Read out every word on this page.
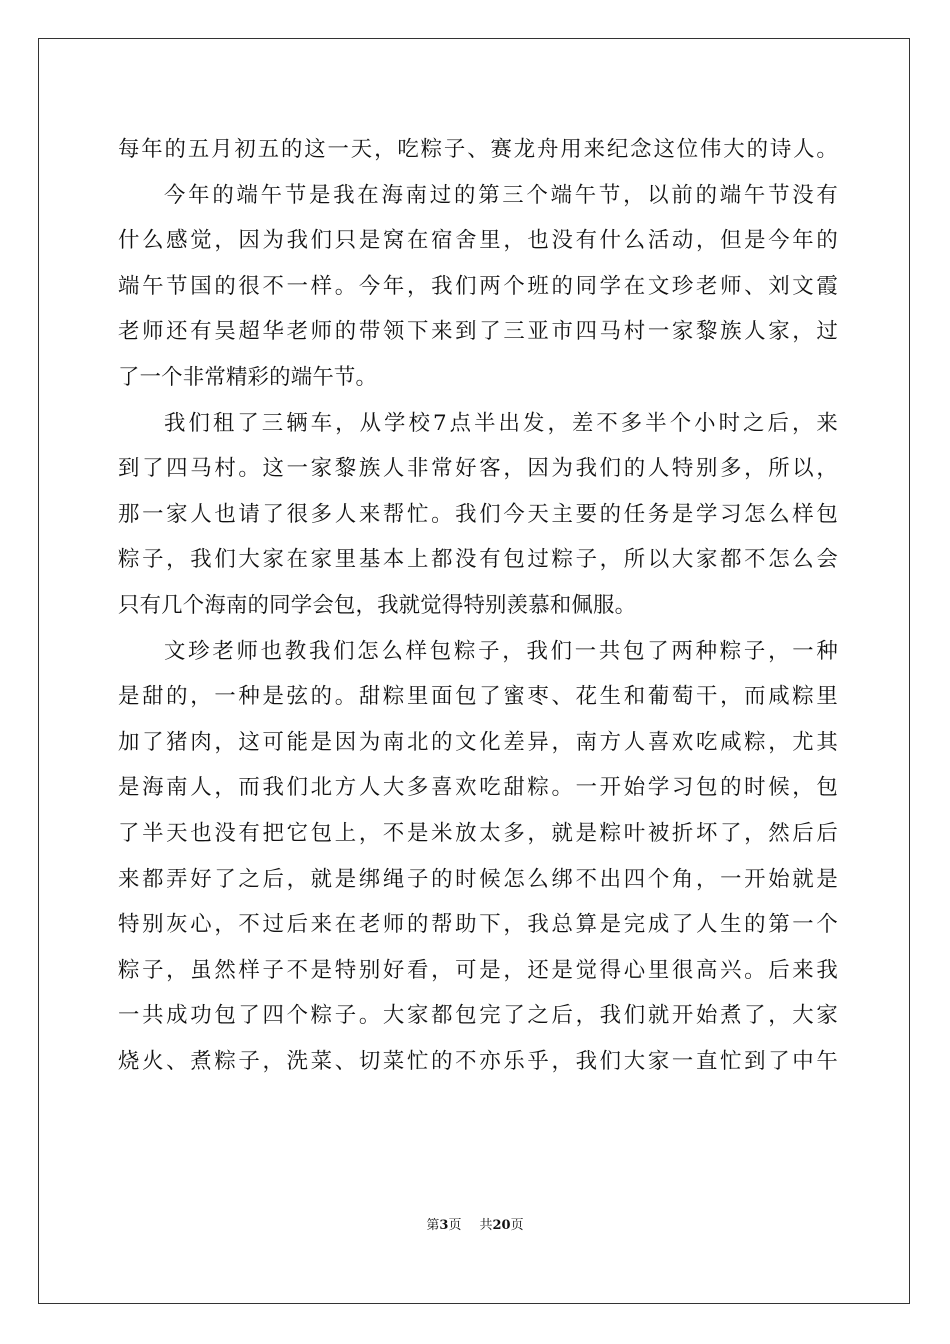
每年的五月初五的这一天，吃粽子、赛龙舟用来纪念这位伟大的诗人。
今年的端午节是我在海南过的第三个端午节，以前的端午节没有
什么感觉，因为我们只是窝在宿舍里，也没有什么活动，但是今年的
端午节国的很不一样。今年，我们两个班的同学在文珍老师、刘文霞
老师还有吴超华老师的带领下来到了三亚市四马村一家黎族人家，过
了一个非常精彩的端午节。
我们租了三辆车，从学校7点半出发，差不多半个小时之后，来
到了四马村。这一家黎族人非常好客，因为我们的人特别多，所以，
那一家人也请了很多人来帮忙。我们今天主要的任务是学习怎么样包
粽子，我们大家在家里基本上都没有包过粽子，所以大家都不怎么会
只有几个海南的同学会包，我就觉得特别羡慕和佩服。
文珍老师也教我们怎么样包粽子，我们一共包了两种粽子，一种
是甜的，一种是弦的。甜粽里面包了蜜枣、花生和葡萄干，而咸粽里
加了猪肉，这可能是因为南北的文化差异，南方人喜欢吃咸粽，尤其
是海南人，而我们北方人大多喜欢吃甜粽。一开始学习包的时候，包
了半天也没有把它包上，不是米放太多，就是粽叶被折坏了，然后后
来都弄好了之后，就是绑绳子的时候怎么绑不出四个角，一开始就是
特别灰心，不过后来在老师的帮助下，我总算是完成了人生的第一个
粽子，虽然样子不是特别好看，可是，还是觉得心里很高兴。后来我
一共成功包了四个粽子。大家都包完了之后，我们就开始煮了，大家
烧火、煮粽子，洗菜、切菜忙的不亦乐乎，我们大家一直忙到了中午
第3页 共20页
